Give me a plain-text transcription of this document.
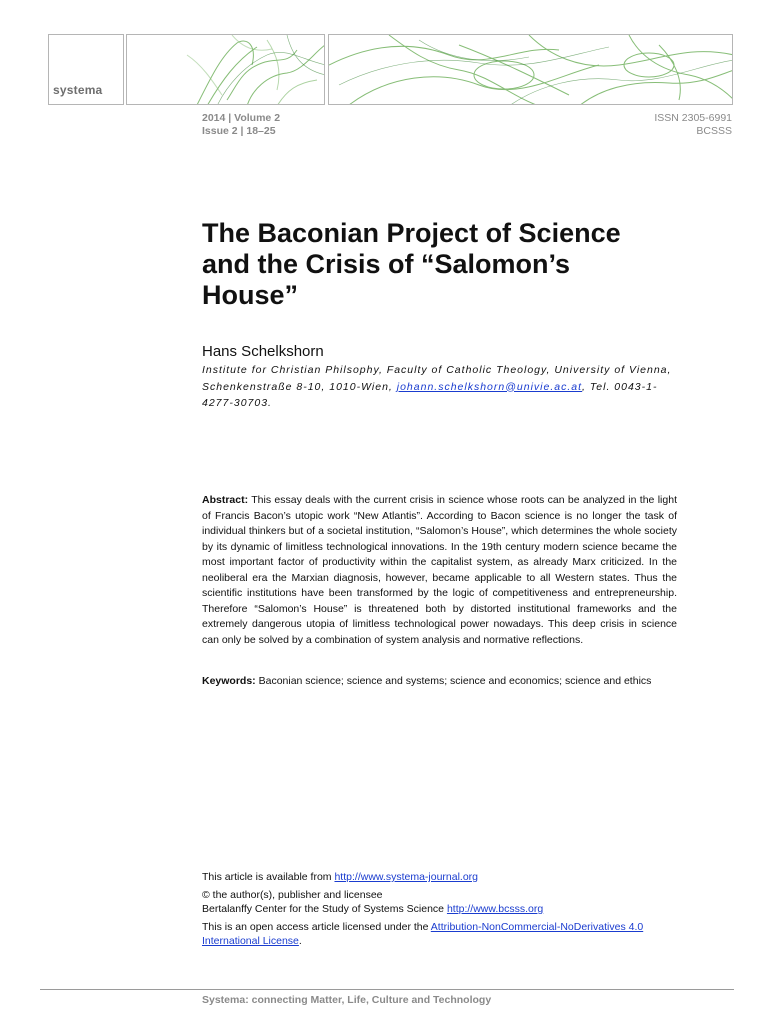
systema
2014 | Volume 2
Issue 2 | 18–25
ISSN 2305-6991
BCSSS
The Baconian Project of Science and the Crisis of “Salomon’s House”
Hans Schelkshorn
Institute for Christian Philsophy, Faculty of Catholic Theology, University of Vienna, Schenkenstraße 8-10, 1010-Wien, johann.schelkshorn@univie.ac.at, Tel. 0043-1-4277-30703.
Abstract: This essay deals with the current crisis in science whose roots can be analyzed in the light of Francis Bacon’s utopic work “New Atlantis”. According to Bacon science is no longer the task of individual thinkers but of a societal institution, “Salomon’s House”, which determines the whole society by its dynamic of limitless technological innovations. In the 19th century modern science became the most important factor of productivity within the capitalist system, as already Marx criticized. In the neoliberal era the Marxian diagnosis, however, became applicable to all Western states. Thus the scientific institutions have been transformed by the logic of competitiveness and entrepreneurship. Therefore “Salomon’s House” is threatened both by distorted institutional frameworks and the extremely dangerous utopia of limitless technological power nowadays. This deep crisis in science can only be solved by a combination of system analysis and normative reflections.
Keywords: Baconian science; science and systems; science and economics; science and ethics

This article is available from http://www.systema-journal.org

© the author(s), publisher and licensee
Bertalanffy Center for the Study of Systems Science http://www.bcsss.org

This is an open access article licensed under the Attribution-NonCommercial-NoDerivatives 4.0 International License.

Systema: connecting Matter, Life, Culture and Technology
